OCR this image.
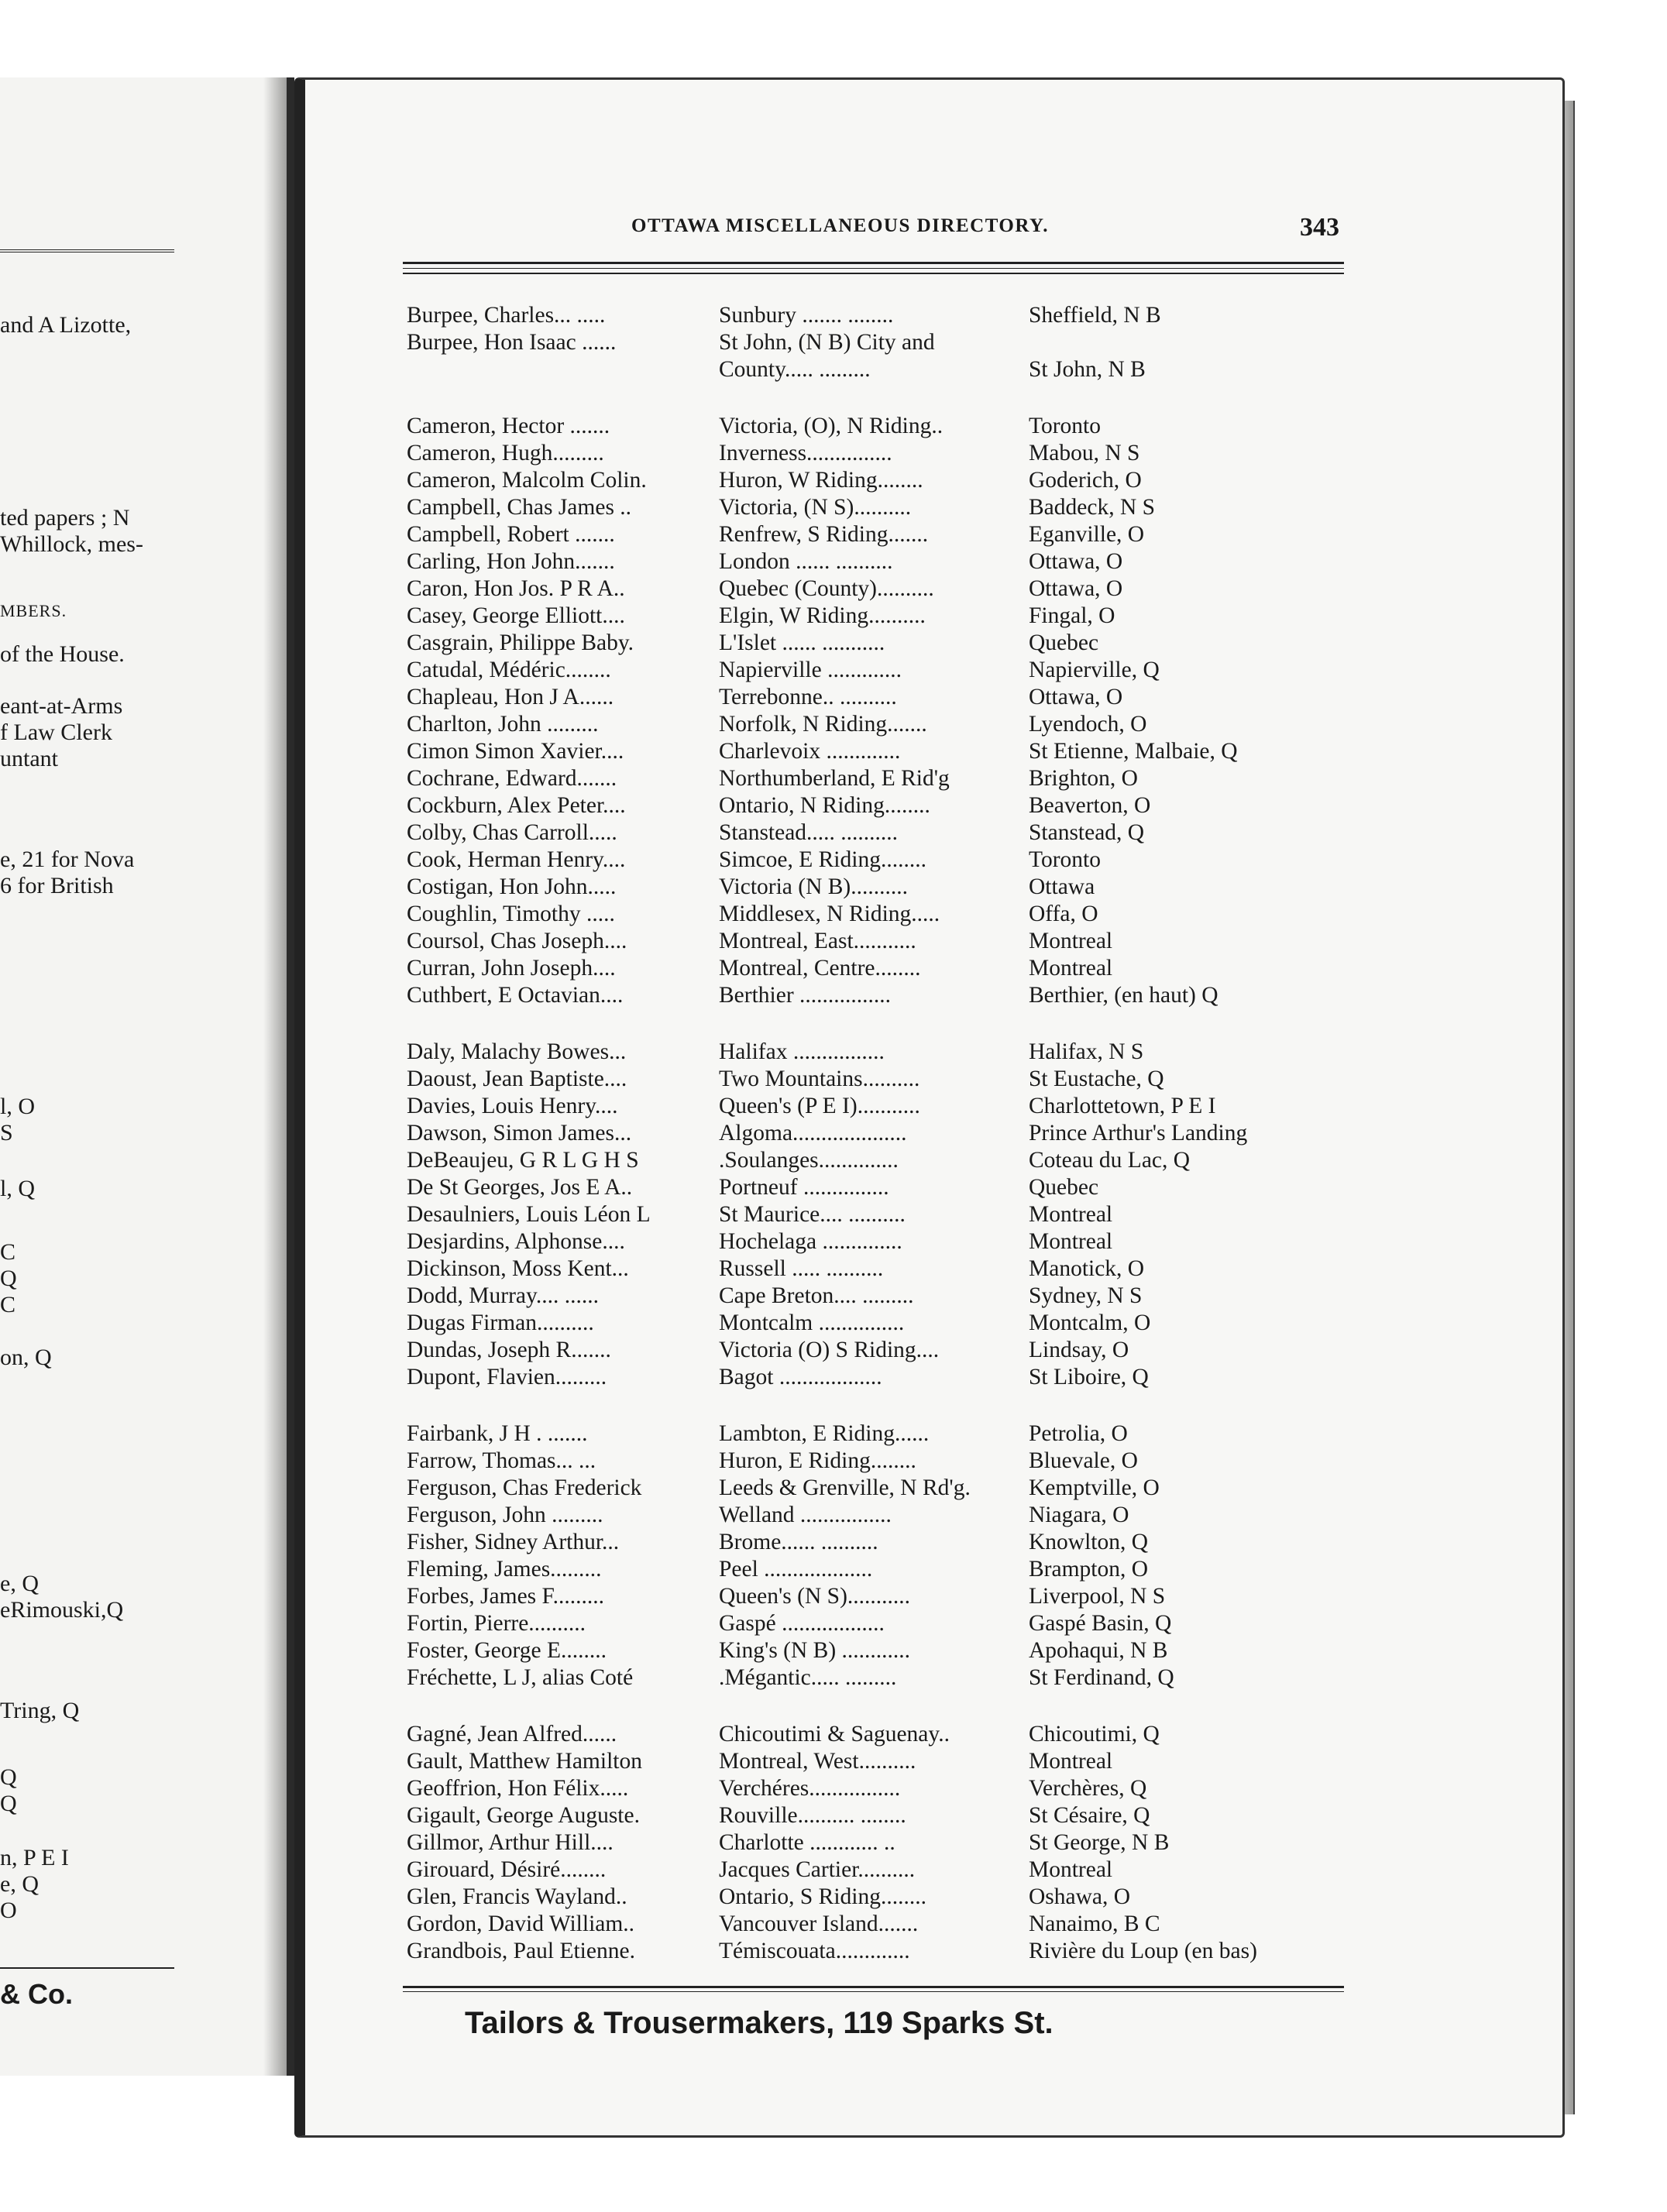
and A Lizotte,
ted papers ; N
Whillock, mes-
MBERS.
of the House.
eant-at-Arms
f Law Clerk
untant
e, 21 for Nova
6 for British
l, O
S
l, Q
C
Q
C
on, Q
e, Q
eRimouski,Q
Tring, Q
Q
Q
n, P E I
e, Q
O
& Co.
OTTAWA MISCELLANEOUS DIRECTORY.	343
Burpee, Charles... .....	Sunbury ....... ........	Sheffield, N B
Burpee, Hon Isaac ......	St John, (N B) City and
County..... .........	St John, N B
Cameron, Hector .......	Victoria, (O), N Riding..	Toronto
Cameron, Hugh.........	Inverness...............	Mabou, N S
Cameron, Malcolm Colin.	Huron, W Riding........	Goderich, O
Campbell, Chas James ..	Victoria, (N S)..........	Baddeck, N S
Campbell, Robert .......	Renfrew, S Riding.......	Eganville, O
Carling, Hon John.......	London ...... ..........	Ottawa, O
Caron, Hon Jos. P R A..	Quebec (County)..........	Ottawa, O
Casey, George Elliott....	Elgin, W Riding..........	Fingal, O
Casgrain, Philippe Baby.	L'Islet ...... ...........	Quebec
Catudal, Médéric........	Napierville .............	Napierville, Q
Chapleau, Hon J A......	Terrebonne.. ..........	Ottawa, O
Charlton, John .........	Norfolk, N Riding.......	Lyendoch, O
Cimon Simon Xavier....	Charlevoix .............	St Etienne, Malbaie, Q
Cochrane, Edward.......	Northumberland, E Rid'g	Brighton, O
Cockburn, Alex Peter....	Ontario, N Riding........	Beaverton, O
Colby, Chas Carroll.....	Stanstead..... ..........	Stanstead, Q
Cook, Herman Henry....	Simcoe, E Riding........	Toronto
Costigan, Hon John.....	Victoria (N B)..........	Ottawa
Coughlin, Timothy .....	Middlesex, N Riding.....	Offa, O
Coursol, Chas Joseph....	Montreal, East...........	Montreal
Curran, John Joseph....	Montreal, Centre........	Montreal
Cuthbert, E Octavian....	Berthier ................	Berthier, (en haut) Q
Daly, Malachy Bowes...	Halifax ................	Halifax, N S
Daoust, Jean Baptiste....	Two Mountains..........	St Eustache, Q
Davies, Louis Henry....	Queen's (P E I)...........	Charlottetown, P E I
Dawson, Simon James...	Algoma....................	Prince Arthur's Landing
DeBeaujeu, G R L G H S	.Soulanges..............	Coteau du Lac, Q
De St Georges, Jos E A..	Portneuf ...............	Quebec
Desaulniers, Louis Léon L	St Maurice.... ..........	Montreal
Desjardins, Alphonse....	Hochelaga ..............	Montreal
Dickinson, Moss Kent...	Russell ..... ..........	Manotick, O
Dodd, Murray.... ......	Cape Breton.... .........	Sydney, N S
Dugas Firman..........	Montcalm ...............	Montcalm, O
Dundas, Joseph R.......	Victoria (O) S Riding....	Lindsay, O
Dupont, Flavien.........	Bagot ..................	St Liboire, Q
Fairbank, J H . .......	Lambton, E Riding......	Petrolia, O
Farrow, Thomas... ...	Huron, E Riding........	Bluevale, O
Ferguson, Chas Frederick	Leeds & Grenville, N Rd'g.	Kemptville, O
Ferguson, John .........	Welland ................	Niagara, O
Fisher, Sidney Arthur...	Brome...... ..........	Knowlton, Q
Fleming, James.........	Peel ...................	Brampton, O
Forbes, James F.........	Queen's (N S)...........	Liverpool, N S
Fortin, Pierre..........	Gaspé ..................	Gaspé Basin, Q
Foster, George E........	King's (N B) ............	Apohaqui, N B
Fréchette, L J, alias Coté	.Mégantic..... .........	St Ferdinand, Q
Gagné, Jean Alfred......	Chicoutimi & Saguenay..	Chicoutimi, Q
Gault, Matthew Hamilton	Montreal, West..........	Montreal
Geoffrion, Hon Félix.....	Verchéres................	Verchères, Q
Gigault, George Auguste.	Rouville.......... ........	St Césaire, Q
Gillmor, Arthur Hill....	Charlotte ............ ..	St George, N B
Girouard, Désiré........	Jacques Cartier..........	Montreal
Glen, Francis Wayland..	Ontario, S Riding........	Oshawa, O
Gordon, David William..	Vancouver Island.......	Nanaimo, B C
Grandbois, Paul Etienne.	Témiscouata.............	Rivière du Loup (en bas)
Tailors & Trousermakers, 119 Sparks St.
